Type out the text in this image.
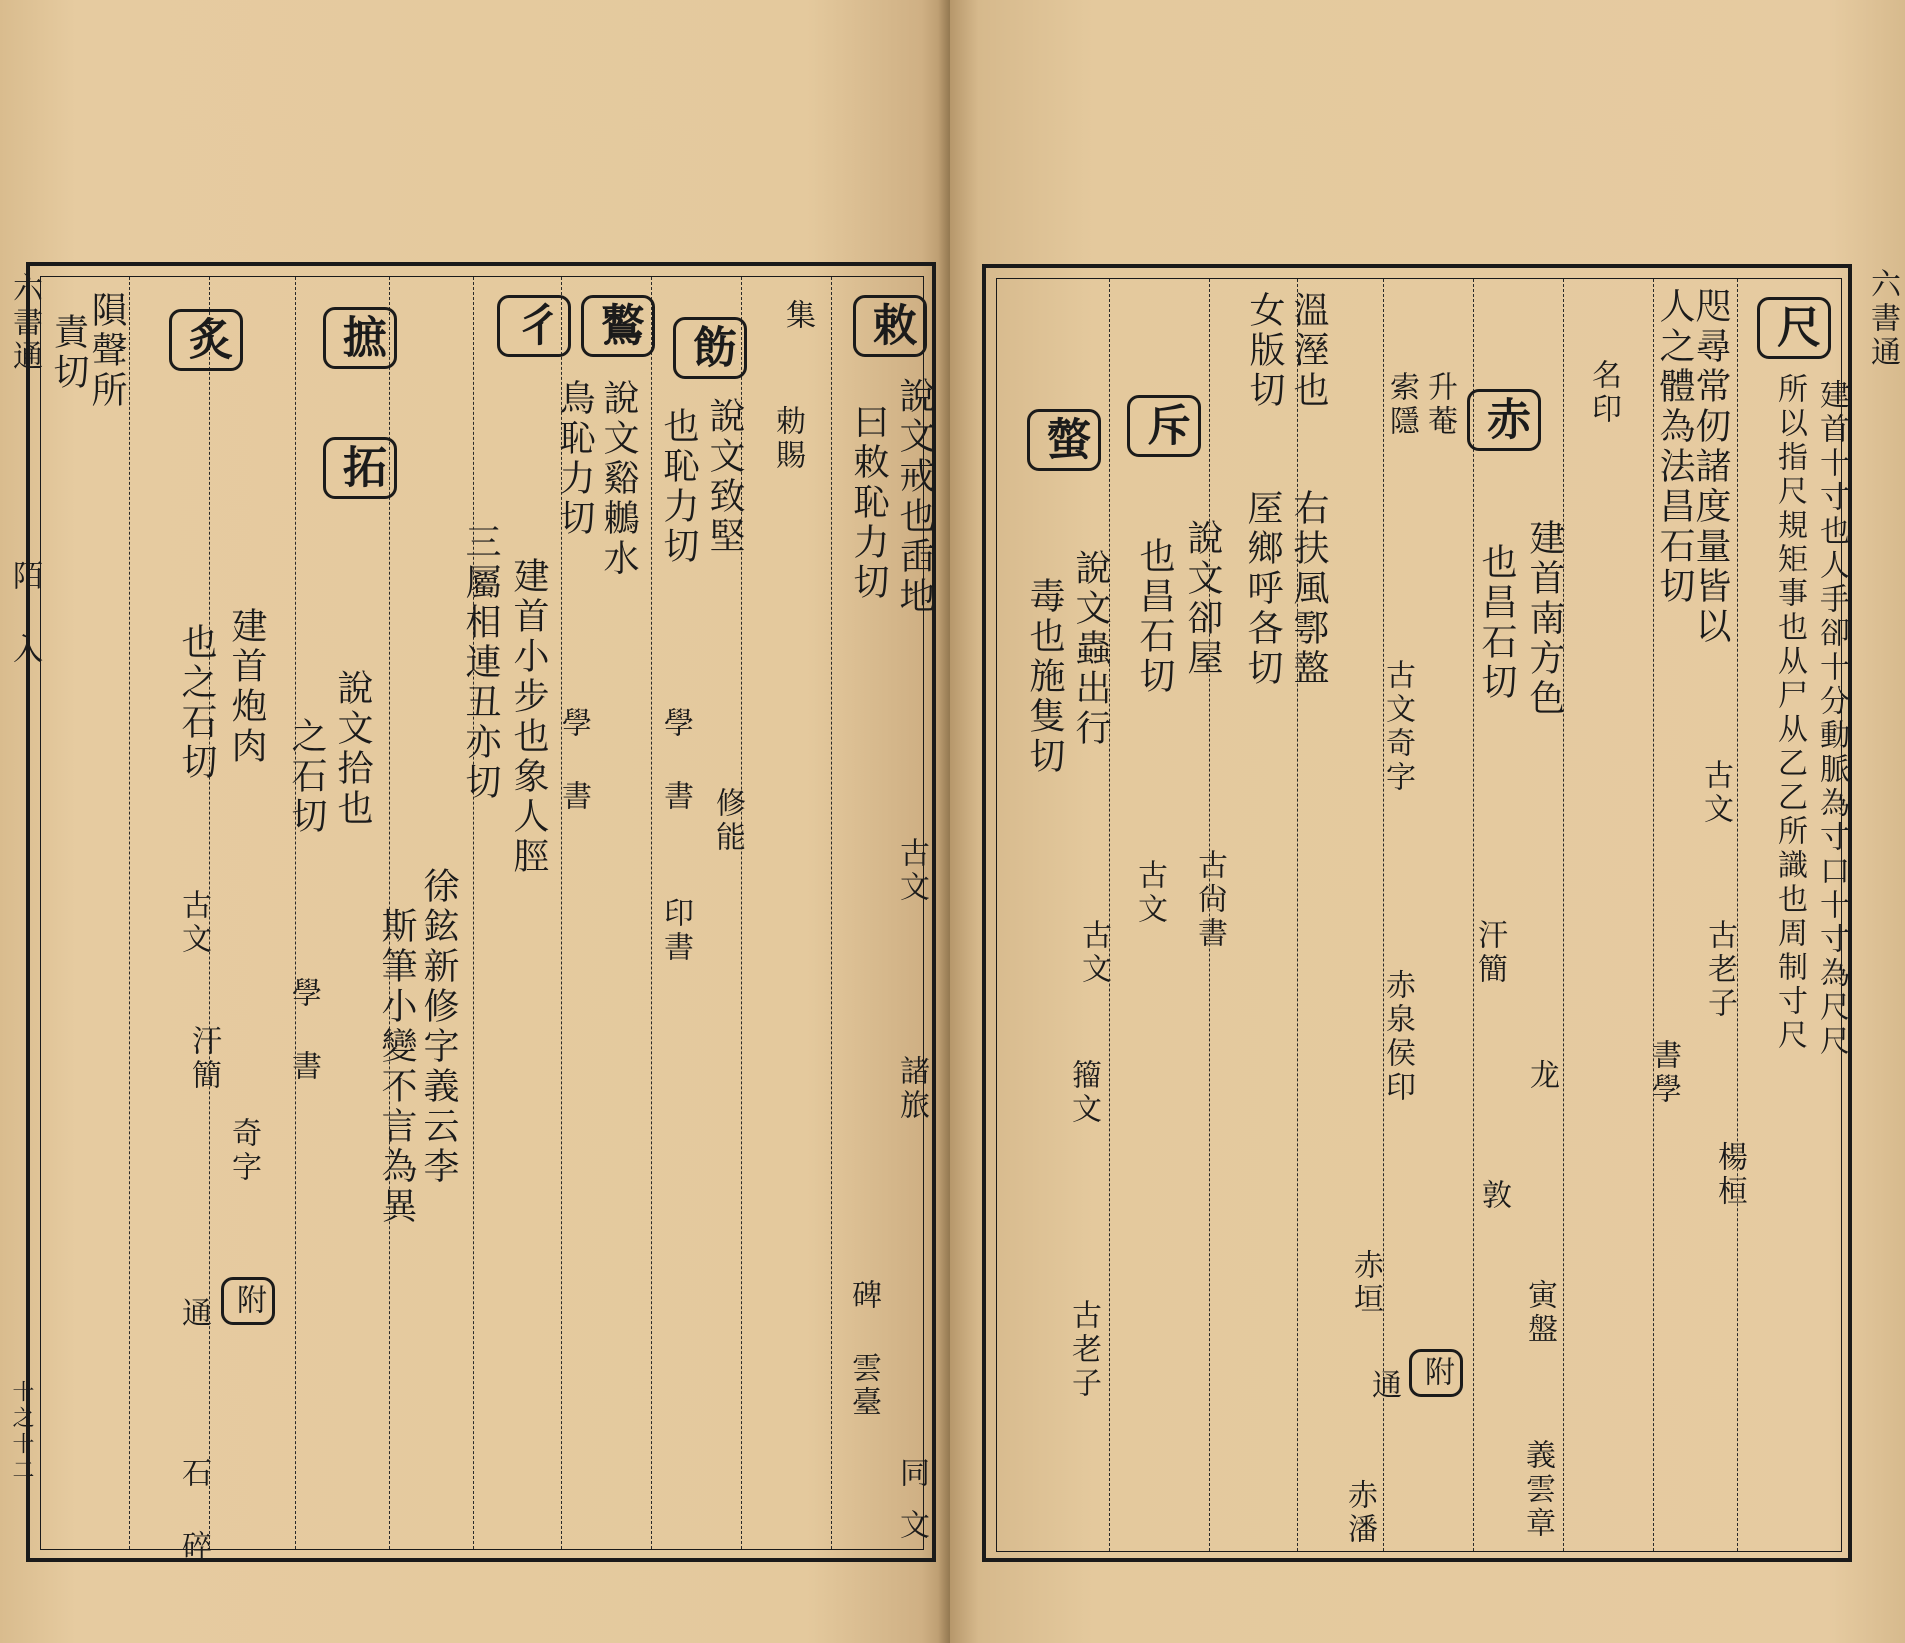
敕
說文戒也臿地
曰敕恥力切
古文
諸旅
碑 雲臺
同
文
集
勅賜
飭
說文致堅
也恥力切
修能
學 書
印書
鷘
說文谿鶒水
鳥恥力切
學 書
彳
建首小步也象人脛
三屬相連丑亦切
徐鉉新修字義云李
斯筆小變不言為異
摭
拓
說文拾也
之石切
學 書
炙
建首炮肉
也之石切
古文
汗簡
奇字
附
通
石 碎
隕聲所
責切
六書通
陌 入
十之十二
尺
建首十寸也人手卻十分動脈為寸口十寸為尺尺
所以指尺規矩事也从尸从乙乙所識也周制寸尺
咫尋常仞諸度量皆以
人之體為法昌石切
古文
古老子
楊桓
書學
名印
赤
建首南方色
也昌石切
汗簡
古文奇字
赤泉侯印
赤垣
赤潘	義雲章
寅盤
敦
龙
升菴
索隱
附
通
溫溼也
右扶風鄠盩
女版切
厔鄉呼各切
斥
說文卻屋
也昌石切
古文 古尙書
螫
說文蟲出行
毒也施隻切
古文
籀文
古老子
六書通
